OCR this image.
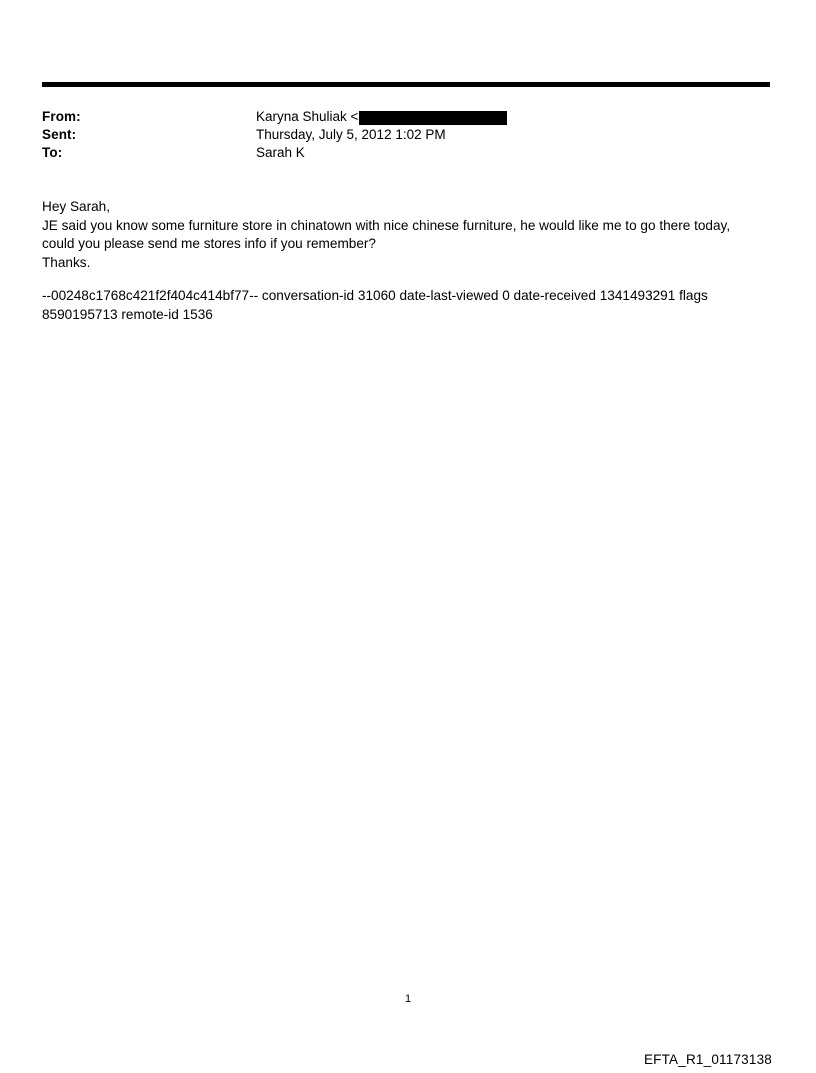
From:	Karyna Shuliak <
Sent:	Thursday, July 5, 2012 1:02 PM
To:	Sarah K

Hey Sarah,

JE said you know some furniture store in chinatown with nice chinese furniture, he would like me to go there today,

could you please send me stores info if you remember?

Thanks.

--00248c1768c421f2f404c414bf77-- conversation-id 31060 date-last-viewed 0 date-received 1341493291 flags 8590195713 remote-id 1536
1
EFTA_R1_01173138
